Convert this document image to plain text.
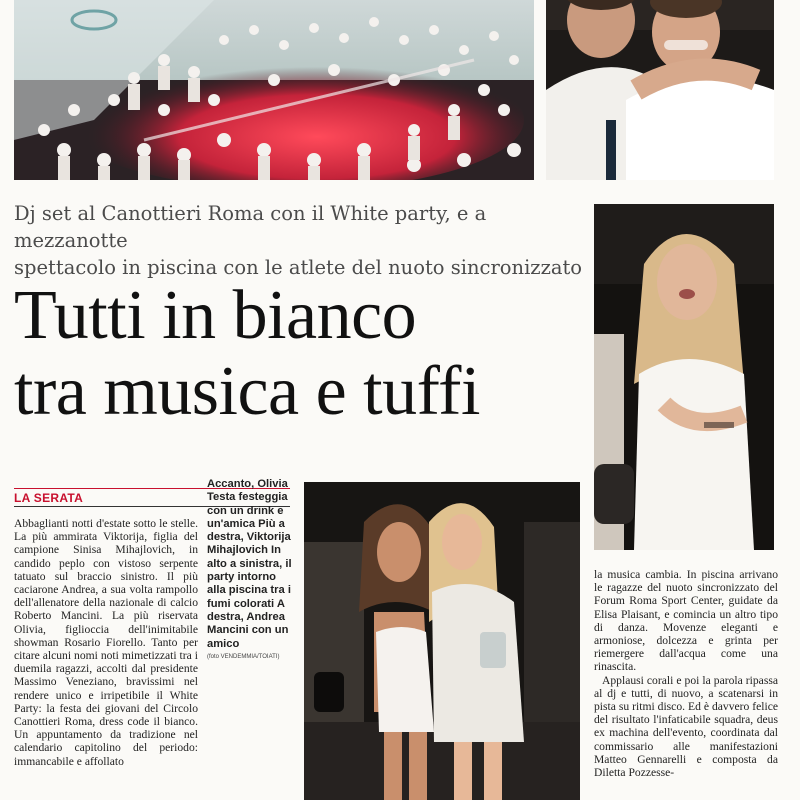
Dj set al Canottieri Roma con il White party, e a mezzanotte
spettacolo in piscina con le atlete del nuoto sincronizzato
Tutti in bianco
tra musica e tuffi
LA SERATA

Abbaglianti notti d'estate sotto le stelle. La più ammirata Viktorija, figlia del campione Sinisa Mihajlovich, in candido peplo con vistoso serpente tatuato sul braccio sinistro. Il più caciarone Andrea, a sua volta rampollo dell'allenatore della nazionale di calcio Roberto Mancini. La più riservata Olivia, figlioccia dell'inimitabile showman Rosario Fiorello. Tanto per citare alcuni nomi noti mimetizzati tra i duemila ragazzi, accolti dal presidente Massimo Veneziano, bravissimi nel rendere unico e irripetibile il White Party: la festa dei giovani del Circolo Canottieri Roma, dress code il bianco. Un appuntamento da tradizione nel calendario capitolino del periodo: immancabile e affollato

Accanto, Olivia Testa festeggia con un drink e un'amica Più a destra, Viktorija Mihajlovich In alto a sinistra, il party intorno alla piscina tra i fumi colorati A destra, Andrea Mancini con un amico
(foto VENDEMMIA/TOIATI)

la musica cambia. In piscina arrivano le ragazze del nuoto sincronizzato del Forum Roma Sport Center, guidate da Elisa Plaisant, e comincia un altro tipo di danza. Movenze eleganti e armoniose, dolcezza e grinta per riemergere dall'acqua come una rinascita.

Applausi corali e poi la parola ripassa al dj e tutti, di nuovo, a scatenarsi in pista su ritmi disco. Ed è davvero felice del risultato l'infaticabile squadra, deus ex machina dell'evento, coordinata dal commissario alle manifestazioni Matteo Gennarelli e composta da Diletta Pozzesse-
